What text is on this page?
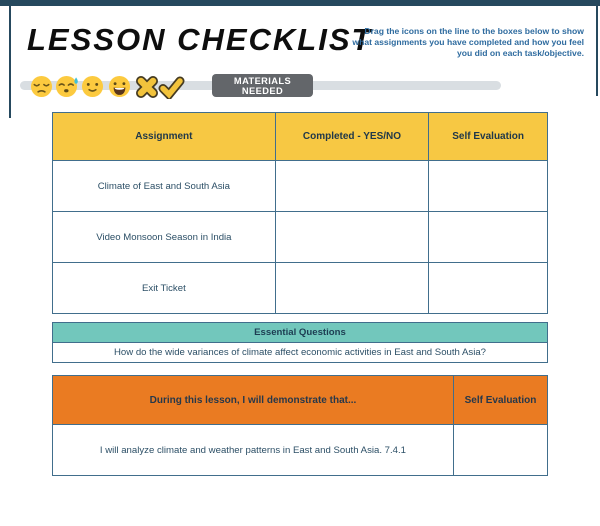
LESSON CHECKLIST

Drag the icons on the line to the boxes below to show what assignments you have completed and how you feel you did on each task/objective.

MATERIALS NEEDED
Assignment	Completed - YES/NO	Self Evaluation
Climate of East and South Asia		
Video Monsoon Season in India		
Exit Ticket		
Essential Questions
How do the wide variances of climate affect economic activities in East and South Asia?
During this lesson, I will demonstrate that...	Self Evaluation
I will analyze climate and weather patterns in East and South Asia. 7.4.1	
